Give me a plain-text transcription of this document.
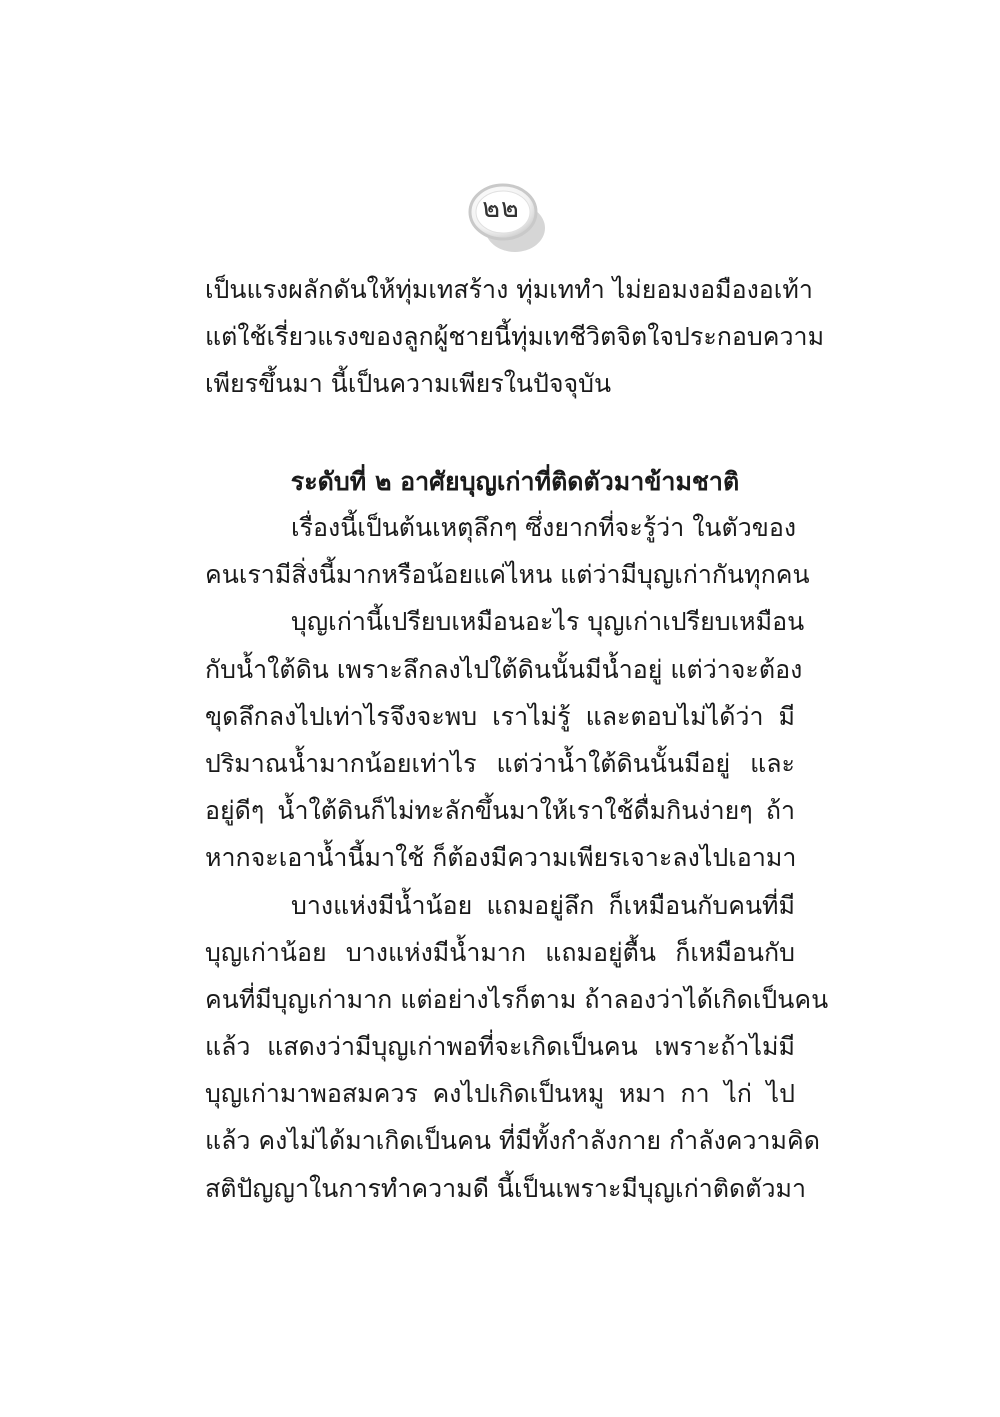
๒๒
เป็นแรงผลักดันให้ทุ่มเทสร้าง ทุ่มเททำ ไม่ยอมงอมืองอเท้า
แต่ใช้เรี่ยวแรงของลูกผู้ชายนี้ทุ่มเทชีวิตจิตใจประกอบความ
เพียรขึ้นมา นี้เป็นความเพียรในปัจจุบัน
ระดับที่ ๒ อาศัยบุญเก่าที่ติดตัวมาข้ามชาติ
เรื่องนี้เป็นต้นเหตุลึกๆ ซึ่งยากที่จะรู้ว่า ในตัวของ
คนเรามีสิ่งนี้มากหรือน้อยแค่ไหน แต่ว่ามีบุญเก่ากันทุกคน
บุญเก่านี้เปรียบเหมือนอะไร บุญเก่าเปรียบเหมือน
กับน้ำใต้ดิน เพราะลึกลงไปใต้ดินนั้นมีน้ำอยู่ แต่ว่าจะต้อง
ขุดลึกลงไปเท่าไรจึงจะพบ เราไม่รู้ และตอบไม่ได้ว่า มี
ปริมาณน้ำมากน้อยเท่าไร แต่ว่าน้ำใต้ดินนั้นมีอยู่ และ
อยู่ดีๆ น้ำใต้ดินก็ไม่ทะลักขึ้นมาให้เราใช้ดื่มกินง่ายๆ ถ้า
หากจะเอาน้ำนี้มาใช้ ก็ต้องมีความเพียรเจาะลงไปเอามา
บางแห่งมีน้ำน้อย แถมอยู่ลึก ก็เหมือนกับคนที่มี
บุญเก่าน้อย บางแห่งมีน้ำมาก แถมอยู่ตื้น ก็เหมือนกับ
คนที่มีบุญเก่ามาก แต่อย่างไรก็ตาม ถ้าลองว่าได้เกิดเป็นคน
แล้ว แสดงว่ามีบุญเก่าพอที่จะเกิดเป็นคน เพราะถ้าไม่มี
บุญเก่ามาพอสมควร คงไปเกิดเป็นหมู หมา กา ไก่ ไป
แล้ว คงไม่ได้มาเกิดเป็นคน ที่มีทั้งกำลังกาย กำลังความคิด
สติปัญญาในการทำความดี นี้เป็นเพราะมีบุญเก่าติดตัวมา
